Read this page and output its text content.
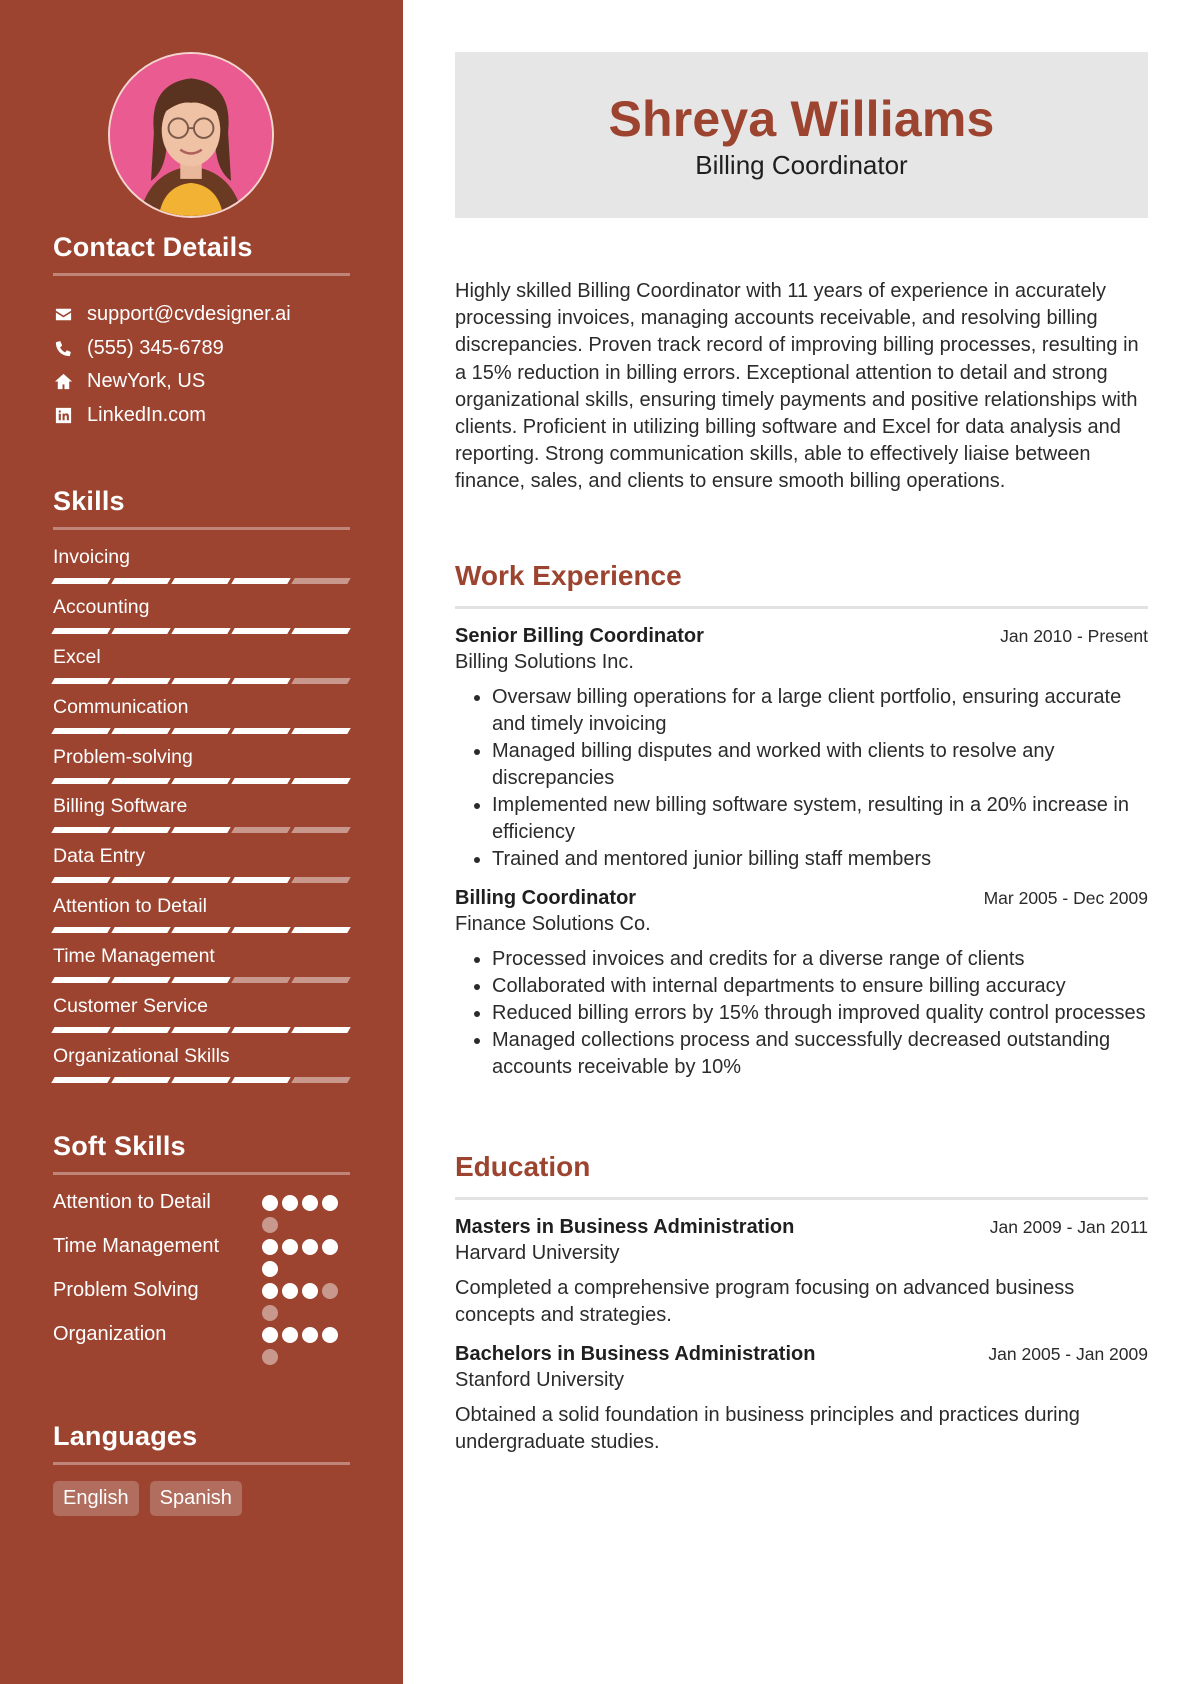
Contact Details
support@cvdesigner.ai
(555) 345-6789
NewYork, US
LinkedIn.com
Skills
Invoicing
Accounting
Excel
Communication
Problem-solving
Billing Software
Data Entry
Attention to Detail
Time Management
Customer Service
Organizational Skills
Soft Skills
Attention to Detail
Time Management
Problem Solving
Organization
Languages
English	Spanish
Shreya Williams
Billing Coordinator

Highly skilled Billing Coordinator with 11 years of experience in accurately processing invoices, managing accounts receivable, and resolving billing discrepancies. Proven track record of improving billing processes, resulting in a 15% reduction in billing errors. Exceptional attention to detail and strong organizational skills, ensuring timely payments and positive relationships with clients. Proficient in utilizing billing software and Excel for data analysis and reporting. Strong communication skills, able to effectively liaise between finance, sales, and clients to ensure smooth billing operations.

Work Experience
Senior Billing Coordinator	Jan 2010 - Present
Billing Solutions Inc.
• Oversaw billing operations for a large client portfolio, ensuring accurate and timely invoicing
• Managed billing disputes and worked with clients to resolve any discrepancies
• Implemented new billing software system, resulting in a 20% increase in efficiency
• Trained and mentored junior billing staff members
Billing Coordinator	Mar 2005 - Dec 2009
Finance Solutions Co.
• Processed invoices and credits for a diverse range of clients
• Collaborated with internal departments to ensure billing accuracy
• Reduced billing errors by 15% through improved quality control processes
• Managed collections process and successfully decreased outstanding accounts receivable by 10%
Education
Masters in Business Administration	Jan 2009 - Jan 2011
Harvard University

Completed a comprehensive program focusing on advanced business concepts and strategies.

Bachelors in Business Administration	Jan 2005 - Jan 2009
Stanford University

Obtained a solid foundation in business principles and practices during undergraduate studies.
